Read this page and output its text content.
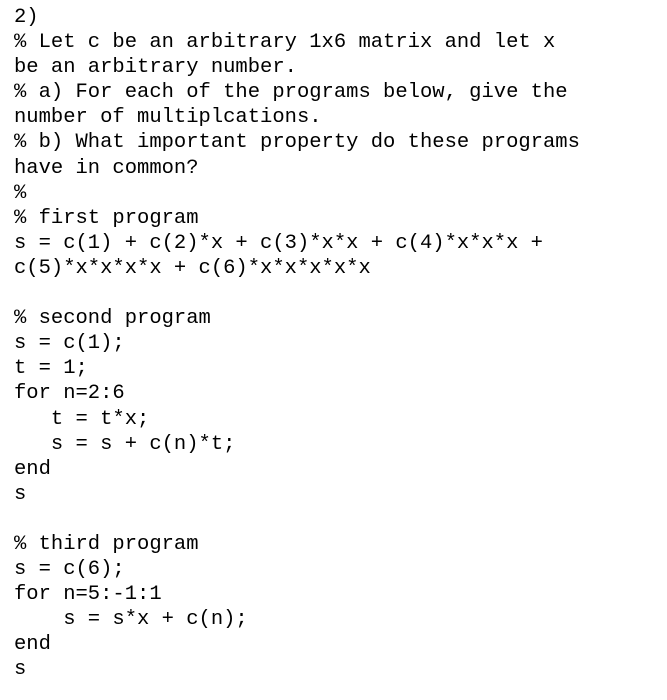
2)
% Let c be an arbitrary 1x6 matrix and let x
be an arbitrary number.
% a) For each of the programs below, give the
number of multiplcations.
% b) What important property do these programs
have in common?
%
% first program
s = c(1) + c(2)*x + c(3)*x*x + c(4)*x*x*x +
c(5)*x*x*x*x + c(6)*x*x*x*x*x
% second program
s = c(1);
t = 1;
for n=2:6
t = t*x;
s = s + c(n)*t;
end
s
% third program
s = c(6);
for n=5:-1:1
s = s*x + c(n);
end
s
